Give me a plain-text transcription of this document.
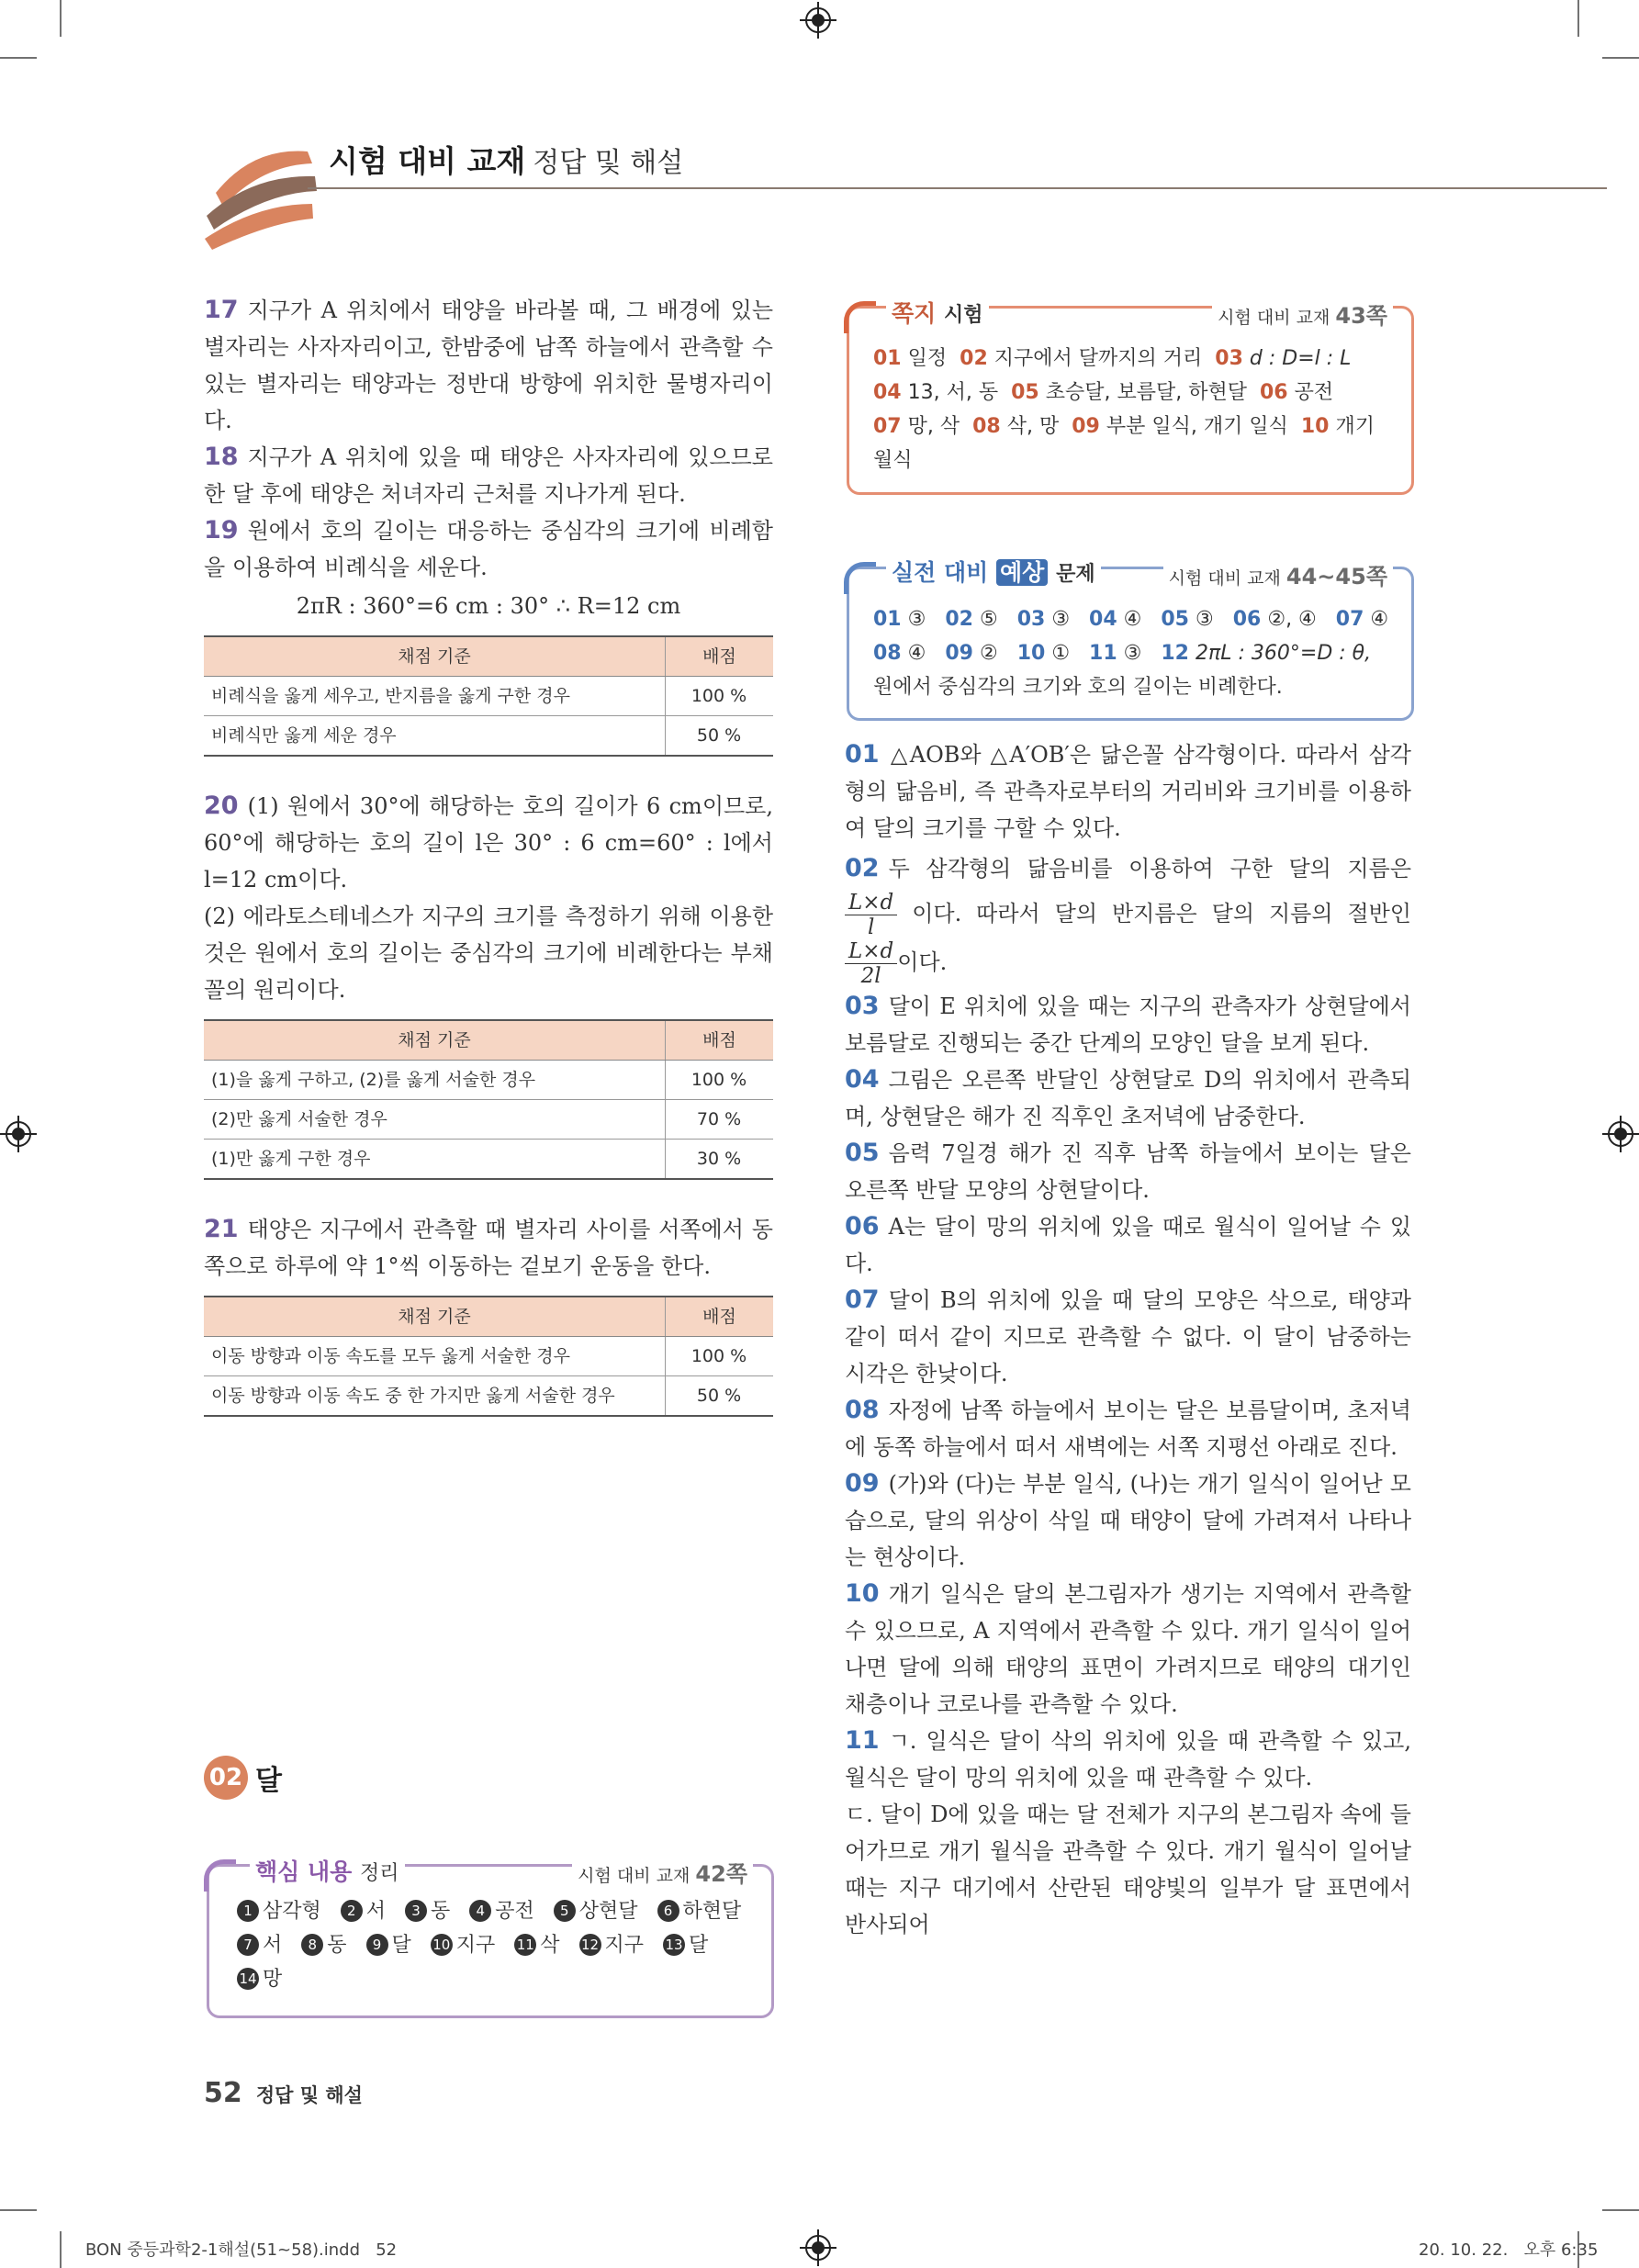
시험 대비 교재 정답 및 해설

17 지구가 A 위치에서 태양을 바라볼 때, 그 배경에 있는 별자리는 사자자리이고, 한밤중에 남쪽 하늘에서 관측할 수 있는 별자리는 태양과는 정반대 방향에 위치한 물병자리이다.

18 지구가 A 위치에 있을 때 태양은 사자자리에 있으므로 한 달 후에 태양은 처녀자리 근처를 지나가게 된다.

19 원에서 호의 길이는 대응하는 중심각의 크기에 비례함을 이용하여 비례식을 세운다.

2πR : 360°=6 cm : 30° ∴ R=12 cm
채점 기준	배점
비례식을 옳게 세우고, 반지름을 옳게 구한 경우	100 %
비례식만 옳게 세운 경우	50 %

20 (1) 원에서 30°에 해당하는 호의 길이가 6 cm이므로, 60°에 해당하는 호의 길이 l은 30° : 6 cm=60° : l에서 l=12 cm이다.

(2) 에라토스테네스가 지구의 크기를 측정하기 위해 이용한 것은 원에서 호의 길이는 중심각의 크기에 비례한다는 부채꼴의 원리이다.

채점 기준	배점
(1)을 옳게 구하고, (2)를 옳게 서술한 경우	100 %
(2)만 옳게 서술한 경우	70 %
(1)만 옳게 구한 경우	30 %

21 태양은 지구에서 관측할 때 별자리 사이를 서쪽에서 동쪽으로 하루에 약 1°씩 이동하는 겉보기 운동을 한다.

채점 기준	배점
이동 방향과 이동 속도를 모두 옳게 서술한 경우	100 %
이동 방향과 이동 속도 중 한 가지만 옳게 서술한 경우	50 %
02 달
핵심 내용 정리	시험 대비 교재 42쪽
1 삼각형 2 서 3 동 4 공전 5 상현달 6 하현달
7 서 8 동 9 달 10 지구 11 삭 12 지구 13 달
14 망
쪽지 시험	시험 대비 교재 43쪽
01 일정 02 지구에서 달까지의 거리 03 d : D=l : L
04 13, 서, 동 05 초승달, 보름달, 하현달 06 공전
07 망, 삭 08 삭, 망 09 부분 일식, 개기 일식 10 개기 월식
실전 대비 예상 문제	시험 대비 교재 44~45쪽
01 ③ 02 ⑤ 03 ③ 04 ④ 05 ③ 06 ②, ④ 07 ④
08 ④ 09 ② 10 ① 11 ③ 12 2πL : 360°=D : θ,
원에서 중심각의 크기와 호의 길이는 비례한다.

01 △AOB와 △A′OB′은 닮은꼴 삼각형이다. 따라서 삼각형의 닮음비, 즉 관측자로부터의 거리비와 크기비를 이용하여 달의 크기를 구할 수 있다.

02 두 삼각형의 닮음비를 이용하여 구한 달의 지름은
$\frac{L\times d}{l}$ 이다. 따라서 달의 반지름은 달의 지름의 절반인
$\frac{L\times d}{2l}$ 이다.

03 달이 E 위치에 있을 때는 지구의 관측자가 상현달에서 보름달로 진행되는 중간 단계의 모양인 달을 보게 된다.

04 그림은 오른쪽 반달인 상현달로 D의 위치에서 관측되며, 상현달은 해가 진 직후인 초저녁에 남중한다.

05 음력 7일경 해가 진 직후 남쪽 하늘에서 보이는 달은 오른쪽 반달 모양의 상현달이다.

06 A는 달이 망의 위치에 있을 때로 월식이 일어날 수 있다.

07 달이 B의 위치에 있을 때 달의 모양은 삭으로, 태양과 같이 떠서 같이 지므로 관측할 수 없다. 이 달이 남중하는 시각은 한낮이다.

08 자정에 남쪽 하늘에서 보이는 달은 보름달이며, 초저녁에 동쪽 하늘에서 떠서 새벽에는 서쪽 지평선 아래로 진다.

09 (가)와 (다)는 부분 일식, (나)는 개기 일식이 일어난 모습으로, 달의 위상이 삭일 때 태양이 달에 가려져서 나타나는 현상이다.

10 개기 일식은 달의 본그림자가 생기는 지역에서 관측할 수 있으므로, A 지역에서 관측할 수 있다. 개기 일식이 일어나면 달에 의해 태양의 표면이 가려지므로 태양의 대기인 채층이나 코로나를 관측할 수 있다.

11 ㄱ. 일식은 달이 삭의 위치에 있을 때 관측할 수 있고, 월식은 달이 망의 위치에 있을 때 관측할 수 있다.

ㄷ. 달이 D에 있을 때는 달 전체가 지구의 본그림자 속에 들어가므로 개기 월식을 관측할 수 있다. 개기 월식이 일어날 때는 지구 대기에서 산란된 태양빛의 일부가 달 표면에서 반사되어

52 정답 및 해설
BON 중등과학2-1해설(51~58).indd   52	20. 10. 22.   오후 6:35
